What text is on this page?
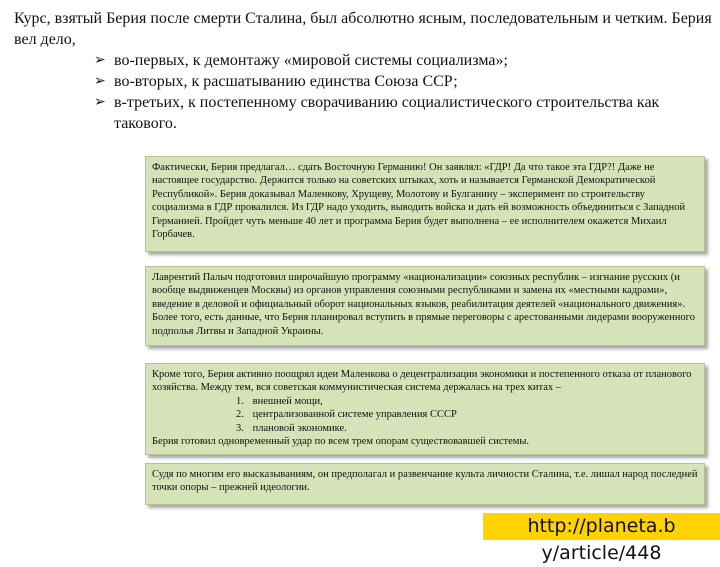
Курс, взятый Берия после смерти Сталина, был абсолютно ясным, последовательным и четким. Берия вел дело,

➢ во-первых, к демонтажу «мировой системы социализма»;
➢ во-вторых, к расшатыванию единства Союза ССР;
➢ в-третьих, к постепенному сворачиванию социалистического строительства как такового.

Фактически, Берия предлагал… сдать Восточную Германию! Он заявлял: «ГДР! Да что такое эта ГДР?! Даже не настоящее государство. Держится только на советских штыках, хоть и называется Германской Демократической Республикой». Берия доказывал Маленкову, Хрущеву, Молотову и Булганину – эксперимент по строительству социализма в ГДР провалился. Из ГДР надо уходить, выводить войска и дать ей возможность объединиться с Западной Германией. Пройдет чуть меньше 40 лет и программа Берия будет выполнена – ее исполнителем окажется Михаил Горбачев.

Лаврентий Палыч подготовил широчайшую программу «национализации» союзных республик – изгнание русских (и вообще выдвиженцев Москвы) из органов управления союзными республиками и замена их «местными кадрами», введение в деловой и официальный оборот национальных языков, реабилитация деятелей «национального движения». Более того, есть данные, что Берия планировал вступить в прямые переговоры с арестованными лидерами вооруженного подполья Литвы и Западной Украины.

Кроме того, Берия активно поощрял идеи Маленкова о децентрализации экономики и постепенного отказа от планового хозяйства. Между тем, вся советская коммунистическая система держалась на трех китах –

1. внешней мощи,
2. централизованной системе управления СССР
3. плановой экономике.

Берия готовил одновременный удар по всем трем опорам существовавшей системы.

Судя по многим его высказываниям, он предполагал и развенчание культа личности Сталина, т.е. лишал народ последней точки опоры – прежней идеологии.

http://planeta.b y/article/448
